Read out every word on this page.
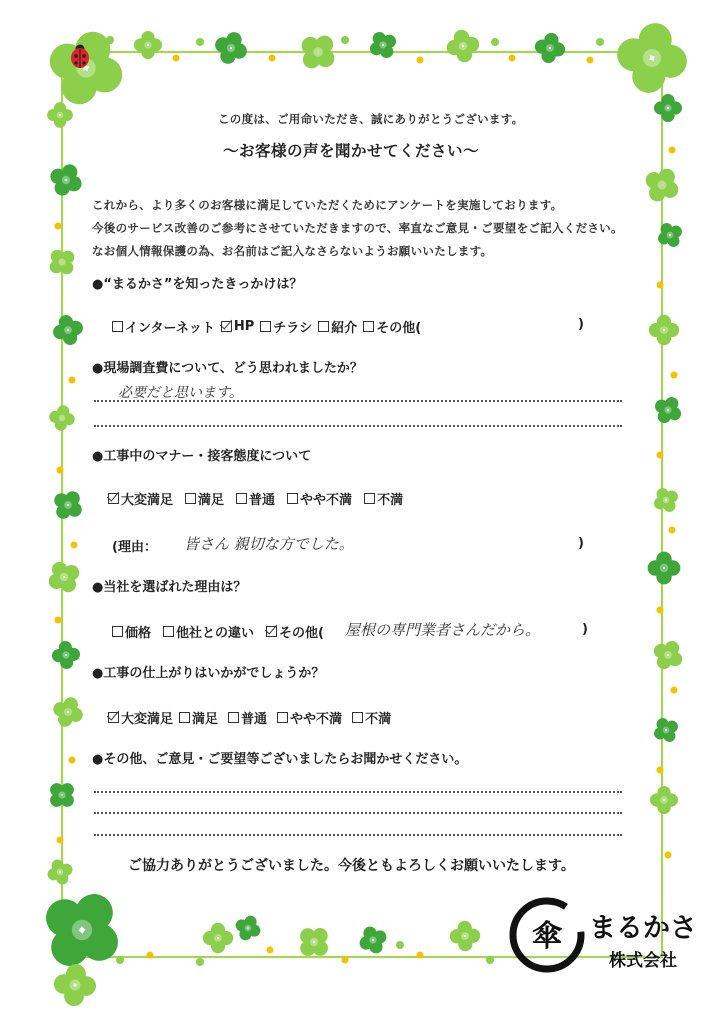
この度は、ご用命いただき、誠にありがとうございます。
～お客様の声を聞かせてください～
これから、より多くのお客様に満足していただくためにアンケートを実施しております。
今後のサービス改善のご参考にさせていただきますので、率直なご意見・ご要望をご記入ください。
なお個人情報保護の為、お名前はご記入なさらないようお願いいたします。
●“まるかさ”を知ったきっかけは？
インターネット HP チラシ 紹介 その他(	)
●現場調査費について、どう思われましたか？
必要だと思います。
●工事中のマナー・接客態度について
大変満足 満足 普通 やや不満 不満
(理由： 皆さん 親切な方でした。	)
●当社を選ばれた理由は？
価格 他社との違い その他( 屋根の専門業者さんだから。	)
●工事の仕上がりはいかがでしょうか？
大変満足 満足 普通 やや不満 不満
●その他、ご意見・ご要望等ございましたらお聞かせください。
ご協力ありがとうございました。今後ともよろしくお願いいたします。
傘 まるかさ
株式会社
